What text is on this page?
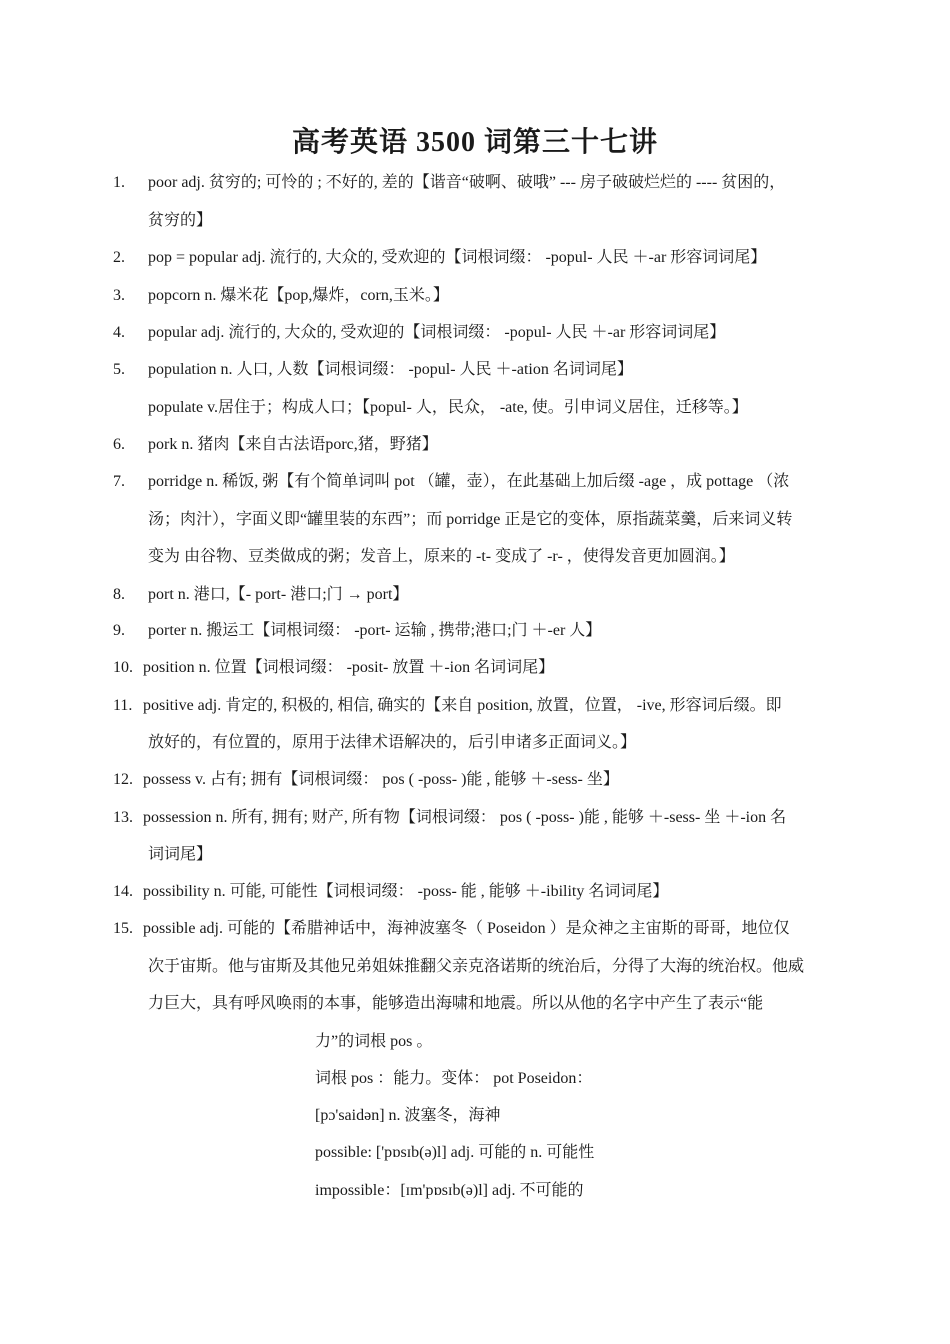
高考英语 3500 词第三十七讲
1. poor adj. 贫穷的; 可怜的 ; 不好的, 差的【谐音“破啊、破哦” --- 房子破破烂烂的 ---- 贫困的，
贫穷的】
2. pop = popular adj. 流行的, 大众的, 受欢迎的【词根词缀： -popul- 人民 ＋-ar 形容词词尾】
3. popcorn n. 爆米花【pop,爆炸，corn,玉米。】
4. popular adj. 流行的, 大众的, 受欢迎的【词根词缀： -popul- 人民 ＋-ar 形容词词尾】
5. population n. 人口, 人数【词根词缀： -popul- 人民 ＋-ation 名词词尾】
populate v.居住于；构成人口；【popul- 人，民众， -ate, 使。引申词义居住，迁移等。】
6. pork n. 猪肉【来自古法语porc,猪，野猪】
7. porridge n. 稀饭, 粥【有个简单词叫 pot （罐，壶），在此基础上加后缀 -age ，成 pottage （浓
汤；肉汁），字面义即“罐里装的东西”；而 porridge 正是它的变体，原指蔬菜羹，后来词义转
变为 由谷物、豆类做成的粥；发音上，原来的 -t- 变成了 -r- ，使得发音更加圆润。】
8. port n. 港口,【- port- 港口;门 → port】
9. porter n. 搬运工【词根词缀： -port- 运输 , 携带;港口;门 ＋-er 人】
10. position n. 位置【词根词缀： -posit- 放置 ＋-ion 名词词尾】
11. positive adj. 肯定的, 积极的, 相信, 确实的【来自 position, 放置，位置， -ive, 形容词后缀。即
放好的，有位置的，原用于法律术语解决的，后引申诸多正面词义。】
12. possess v. 占有; 拥有【词根词缀： pos ( -poss- )能 , 能够 ＋-sess- 坐】
13. possession n. 所有, 拥有; 财产, 所有物【词根词缀： pos ( -poss- )能 , 能够 ＋-sess- 坐 ＋-ion 名
词词尾】
14. possibility n. 可能, 可能性【词根词缀： -poss- 能 , 能够 ＋-ibility 名词词尾】
15. possible adj. 可能的【希腊神话中，海神波塞冬（ Poseidon ）是众神之主宙斯的哥哥，地位仅
次于宙斯。他与宙斯及其他兄弟姐妹推翻父亲克洛诺斯的统治后，分得了大海的统治权。他威
力巨大，具有呼风唤雨的本事，能够造出海啸和地震。所以从他的名字中产生了表示“能
力”的词根 pos 。
词根 pos ：能力。变体： pot Poseidon：
[pɔ'saidən] n. 波塞冬，海神
possible: ['pɒsɪb(ə)l] adj. 可能的 n. 可能性
impossible：[ɪm'pɒsɪb(ə)l] adj. 不可能的
